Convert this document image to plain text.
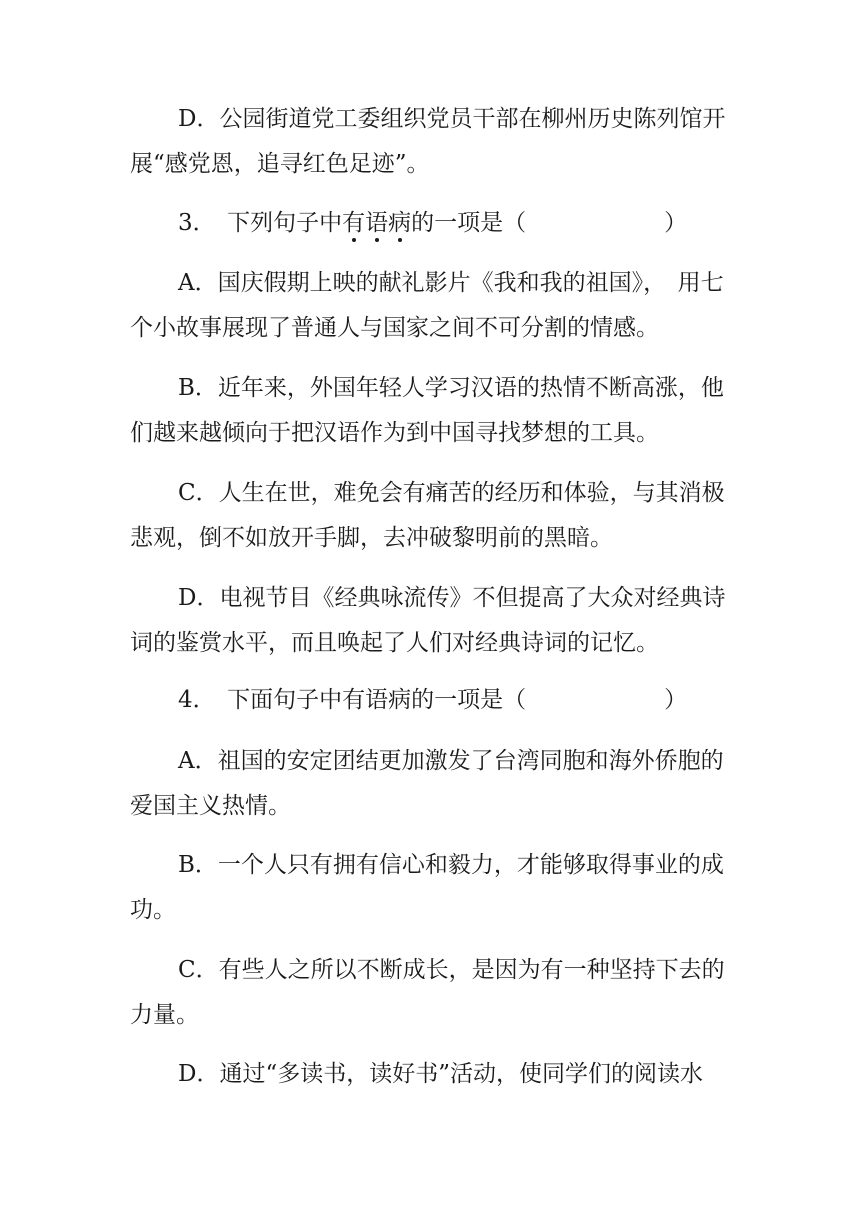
D．公园街道党工委组织党员干部在柳州历史陈列馆开
展“感党恩，追寻红色足迹”。
3．　下列句子中有语病的一项是（　　　　　　）
A．国庆假期上映的献礼影片《我和我的祖国》，　用七
个小故事展现了普通人与国家之间不可分割的情感。
B．近年来，外国年轻人学习汉语的热情不断高涨，他
们越来越倾向于把汉语作为到中国寻找梦想的工具。
C．人生在世，难免会有痛苦的经历和体验，与其消极
悲观，倒不如放开手脚，去冲破黎明前的黑暗。
D．电视节目《经典咏流传》不但提高了大众对经典诗
词的鉴赏水平，而且唤起了人们对经典诗词的记忆。
4．　下面句子中有语病的一项是（　　　　　　）
A．祖国的安定团结更加激发了台湾同胞和海外侨胞的
爱国主义热情。
B．一个人只有拥有信心和毅力，才能够取得事业的成
功。
C．有些人之所以不断成长，是因为有一种坚持下去的
力量。
D．通过“多读书，读好书”活动，使同学们的阅读水
